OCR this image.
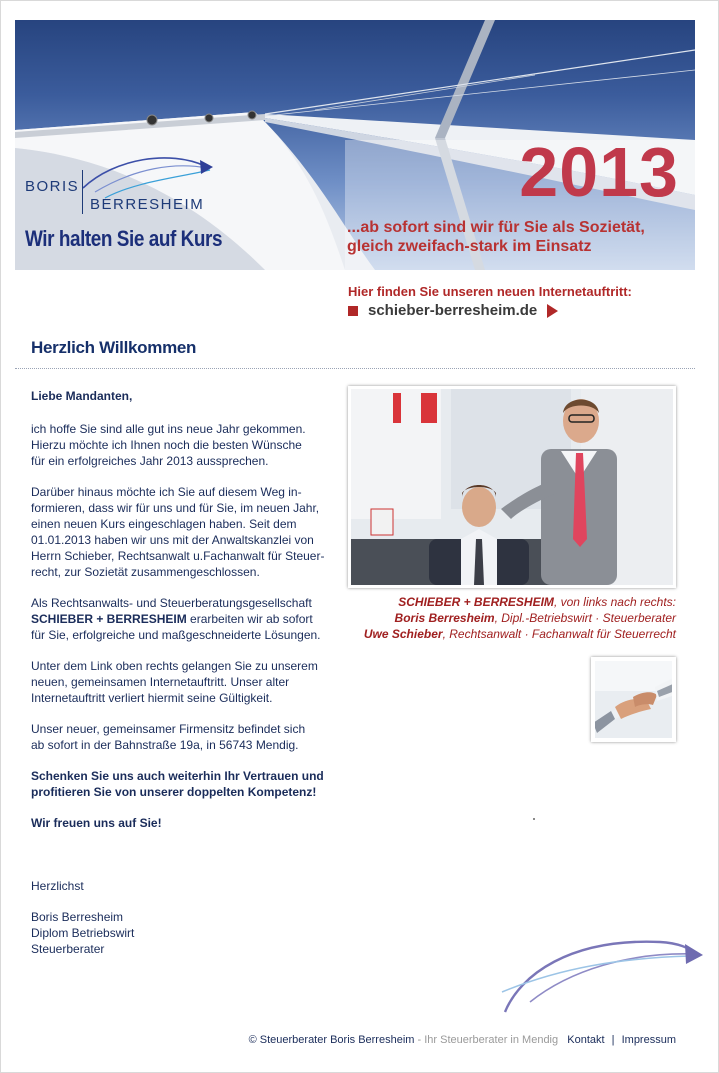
BORIS
BERRESHEIM
Wir halten Sie auf Kurs
2013
...ab sofort sind wir für Sie als Sozietät,
gleich zweifach-stark im Einsatz
Hier finden Sie unseren neuen Internetauftritt:
schieber-berresheim.de
Herzlich Willkommen

Liebe Mandanten,

ich hoffe Sie sind alle gut ins neue Jahr gekommen.
Hierzu möchte ich Ihnen noch die besten Wünsche
für ein erfolgreiches Jahr 2013 aussprechen.

Darüber hinaus möchte ich Sie auf diesem Weg in-
formieren, dass wir für uns und für Sie, im neuen Jahr,
einen neuen Kurs eingeschlagen haben. Seit dem
01.01.2013 haben wir uns mit der Anwaltskanzlei von
Herrn Schieber, Rechtsanwalt u.Fachanwalt für Steuer-
recht, zur Sozietät zusammengeschlossen.

Als Rechtsanwalts- und Steuerberatungsgesellschaft
SCHIEBER + BERRESHEIM erarbeiten wir ab sofort
für Sie, erfolgreiche und maßgeschneiderte Lösungen.

Unter dem Link oben rechts gelangen Sie zu unserem
neuen, gemeinsamen Internetauftritt. Unser alter
Internetauftritt verliert hiermit seine Gültigkeit.

Unser neuer, gemeinsamer Firmensitz befindet sich
ab sofort in der Bahnstraße 19a, in 56743 Mendig.

Schenken Sie uns auch weiterhin Ihr Vertrauen und
profitieren Sie von unserer doppelten Kompetenz!

Wir freuen uns auf Sie!

SCHIEBER + BERRESHEIM, von links nach rechts:
Boris Berresheim, Dipl.-Betriebswirt · Steuerberater
Uwe Schieber, Rechtsanwalt · Fachanwalt für Steuerrecht

Herzlichst

Boris Berresheim
Diplom Betriebswirt
Steuerberater

© Steuerberater Boris Berresheim - Ihr Steuerberater in Mendig Kontakt | Impressum
